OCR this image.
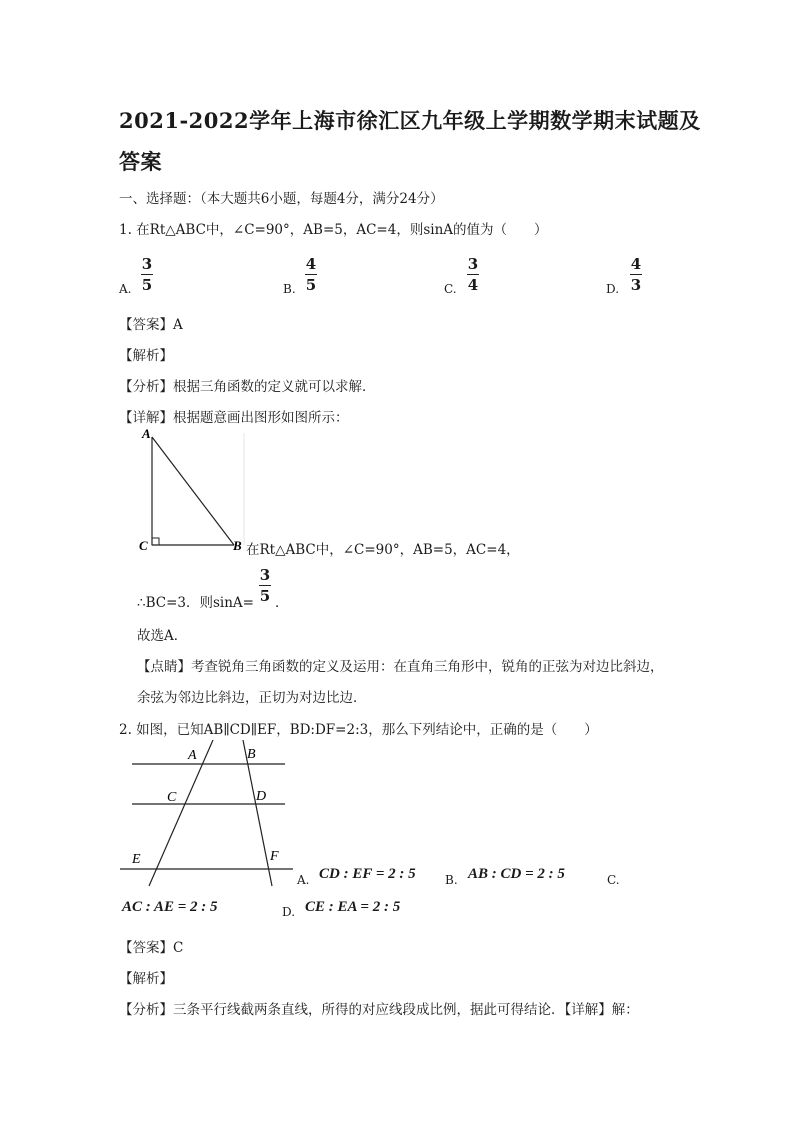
2021-2022学年上海市徐汇区九年级上学期数学期末试题及
答案
一、选择题：（本大题共6小题，每题4分，满分24分）
1. 在Rt△ABC中，∠C=90°，AB=5，AC=4，则sinA的值为（　　）
A.
3
5	B.
4
5	C.
3
4	D.
4
3
【答案】A
【解析】
【分析】根据三角函数的定义就可以求解．
【详解】根据题意画出图形如图所示：
A
C	B 在Rt△ABC中，∠C=90°，AB=5，AC=4，
∴BC=3．则sinA=
3
5 ．
故选A．
【点睛】考查锐角三角函数的定义及运用：在直角三角形中，锐角的正弦为对边比斜边，
余弦为邻边比斜边，正切为对边比边．
2. 如图，已知AB∥CD∥EF，BD:DF=2:3，那么下列结论中，正确的是（　　）
A	B
C	D
E	F
A. CD : EF = 2 : 5 B. AB : CD = 2 : 5	C.
AC : AE = 2 : 5	D. CE : EA = 2 : 5
【答案】C
【解析】
【分析】三条平行线截两条直线，所得的对应线段成比例，据此可得结论．【详解】解：
